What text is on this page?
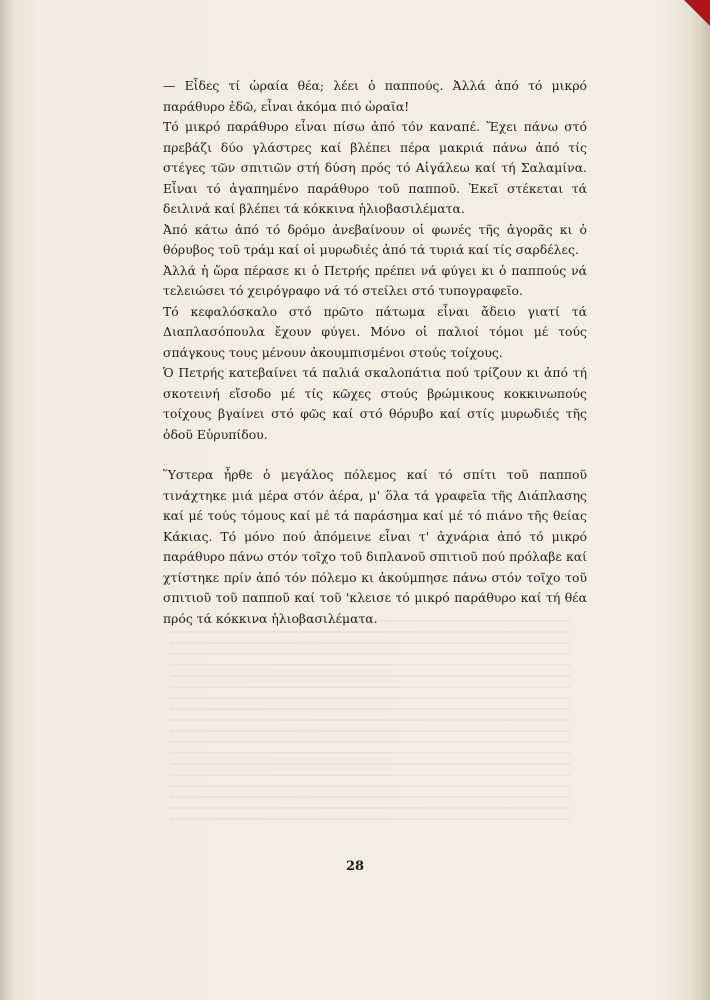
— Εἶδες τί ὡραία θέα; λέει ὁ παππούς. Ἀλλά ἀπό τό μικρό παράθυρο ἐδῶ, εἶναι ἀκόμα πιό ὡραῖα!

Τό μικρό παράθυρο εἶναι πίσω ἀπό τόν καναπέ. Ἔχει πάνω στό πρεβάζι δύο γλάστρες καί βλέπει πέρα μακριά πάνω ἀπό τίς στέγες τῶν σπιτιῶν στή δύση πρός τό Αἰγάλεω καί τή Σαλαμίνα. Εἶναι τό ἀγαπημένο παράθυρο τοῦ παπποῦ. Ἐκεῖ στέκεται τά δειλινά καί βλέπει τά κόκκινα ἡλιοβασιλέματα.

Ἀπό κάτω ἀπό τό δρόμο ἀνεβαίνουν οἱ φωνές τῆς ἀγορᾶς κι ὁ θόρυβος τοῦ τράμ καί οἱ μυρωδιές ἀπό τά τυριά καί τίς σαρδέλες.

Ἀλλά ἡ ὥρα πέρασε κι ὁ Πετρής πρέπει νά φύγει κι ὁ παππούς νά τελειώσει τό χειρόγραφο νά τό στείλει στό τυπογραφεῖο.

Τό κεφαλόσκαλο στό πρῶτο πάτωμα εἶναι ἄδειο γιατί τά Διαπλασόπουλα ἔχουν φύγει. Μόνο οἱ παλιοί τόμοι μέ τούς σπάγκους τους μένουν ἀκουμπισμένοι στούς τοίχους.

Ὁ Πετρής κατεβαίνει τά παλιά σκαλοπάτια πού τρίζουν κι ἀπό τή σκοτεινή εἴσοδο μέ τίς κῶχες στούς βρώμικους κοκκινωπούς τοίχους βγαίνει στό φῶς καί στό θόρυβο καί στίς μυρωδιές τῆς ὁδοῦ Εὐρυπίδου.

Ὕστερα ἦρθε ὁ μεγάλος πόλεμος καί τό σπίτι τοῦ παπποῦ τινάχτηκε μιά μέρα στόν ἀέρα, μ' ὅλα τά γραφεῖα τῆς Διάπλασης καί μέ τούς τόμους καί μέ τά παράσημα καί μέ τό πιάνο τῆς θείας Κάκιας. Τό μόνο πού ἀπόμεινε εἶναι τ' ἀχνάρια ἀπό τό μικρό παράθυρο πάνω στόν τοῖχο τοῦ διπλανοῦ σπιτιοῦ πού πρόλαβε καί χτίστηκε πρίν ἀπό τόν πόλεμο κι ἀκούμπησε πάνω στόν τοῖχο τοῦ σπιτιοῦ τοῦ παπποῦ καί τοῦ 'κλεισε τό μικρό παράθυρο καί τή θέα πρός τά κόκκινα ἡλιοβασιλέματα.

28
